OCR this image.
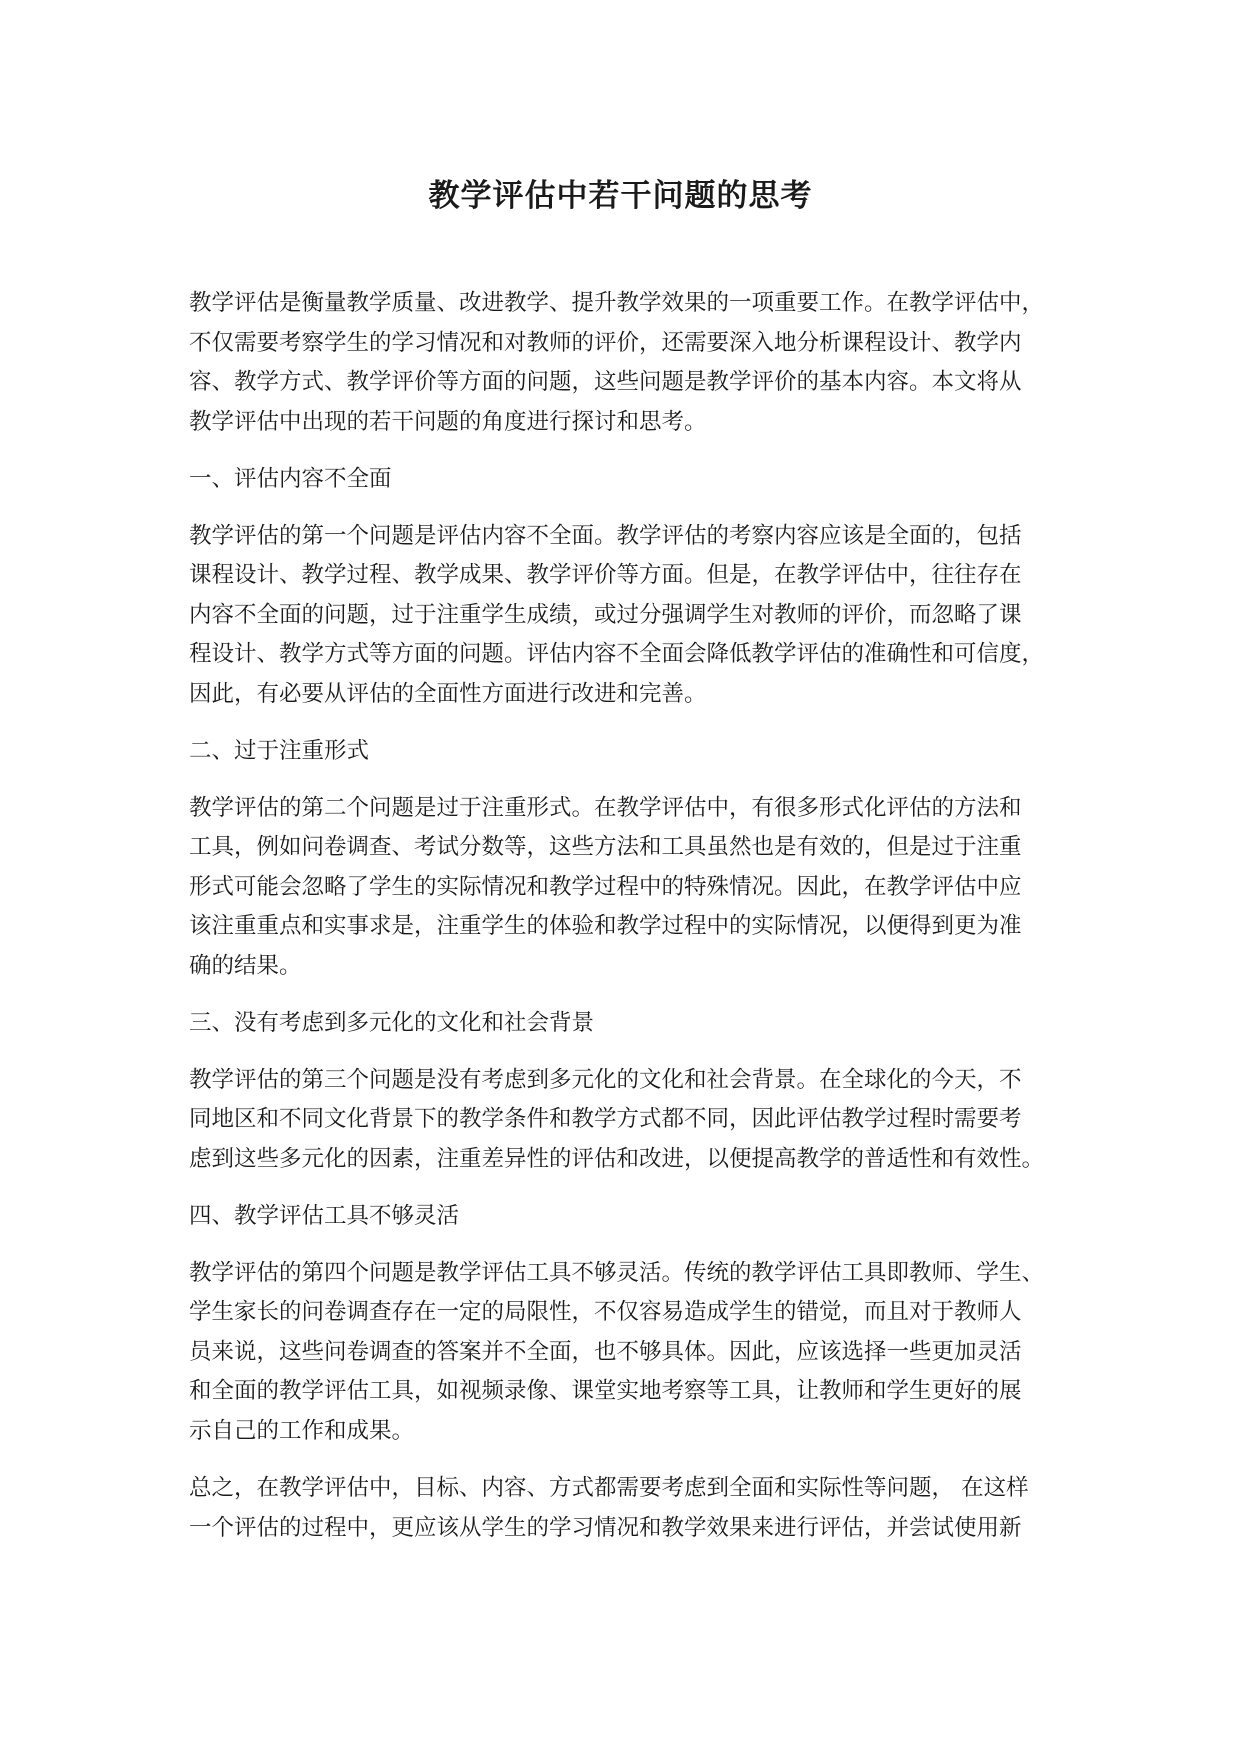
教学评估中若干问题的思考

教学评估是衡量教学质量、改进教学、提升教学效果的一项重要工作。在教学评估中，
不仅需要考察学生的学习情况和对教师的评价，还需要深入地分析课程设计、教学内
容、教学方式、教学评价等方面的问题，这些问题是教学评价的基本内容。本文将从
教学评估中出现的若干问题的角度进行探讨和思考。

一、评估内容不全面

教学评估的第一个问题是评估内容不全面。教学评估的考察内容应该是全面的，包括
课程设计、教学过程、教学成果、教学评价等方面。但是，在教学评估中，往往存在
内容不全面的问题，过于注重学生成绩，或过分强调学生对教师的评价，而忽略了课
程设计、教学方式等方面的问题。评估内容不全面会降低教学评估的准确性和可信度，
因此，有必要从评估的全面性方面进行改进和完善。

二、过于注重形式

教学评估的第二个问题是过于注重形式。在教学评估中，有很多形式化评估的方法和
工具，例如问卷调查、考试分数等，这些方法和工具虽然也是有效的，但是过于注重
形式可能会忽略了学生的实际情况和教学过程中的特殊情况。因此，在教学评估中应
该注重重点和实事求是，注重学生的体验和教学过程中的实际情况，以便得到更为准
确的结果。

三、没有考虑到多元化的文化和社会背景

教学评估的第三个问题是没有考虑到多元化的文化和社会背景。在全球化的今天，不
同地区和不同文化背景下的教学条件和教学方式都不同，因此评估教学过程时需要考
虑到这些多元化的因素，注重差异性的评估和改进，以便提高教学的普适性和有效性。

四、教学评估工具不够灵活

教学评估的第四个问题是教学评估工具不够灵活。传统的教学评估工具即教师、学生、
学生家长的问卷调查存在一定的局限性，不仅容易造成学生的错觉，而且对于教师人
员来说，这些问卷调查的答案并不全面，也不够具体。因此，应该选择一些更加灵活
和全面的教学评估工具，如视频录像、课堂实地考察等工具，让教师和学生更好的展
示自己的工作和成果。

总之，在教学评估中，目标、内容、方式都需要考虑到全面和实际性等问题， 在这样
一个评估的过程中，更应该从学生的学习情况和教学效果来进行评估，并尝试使用新
